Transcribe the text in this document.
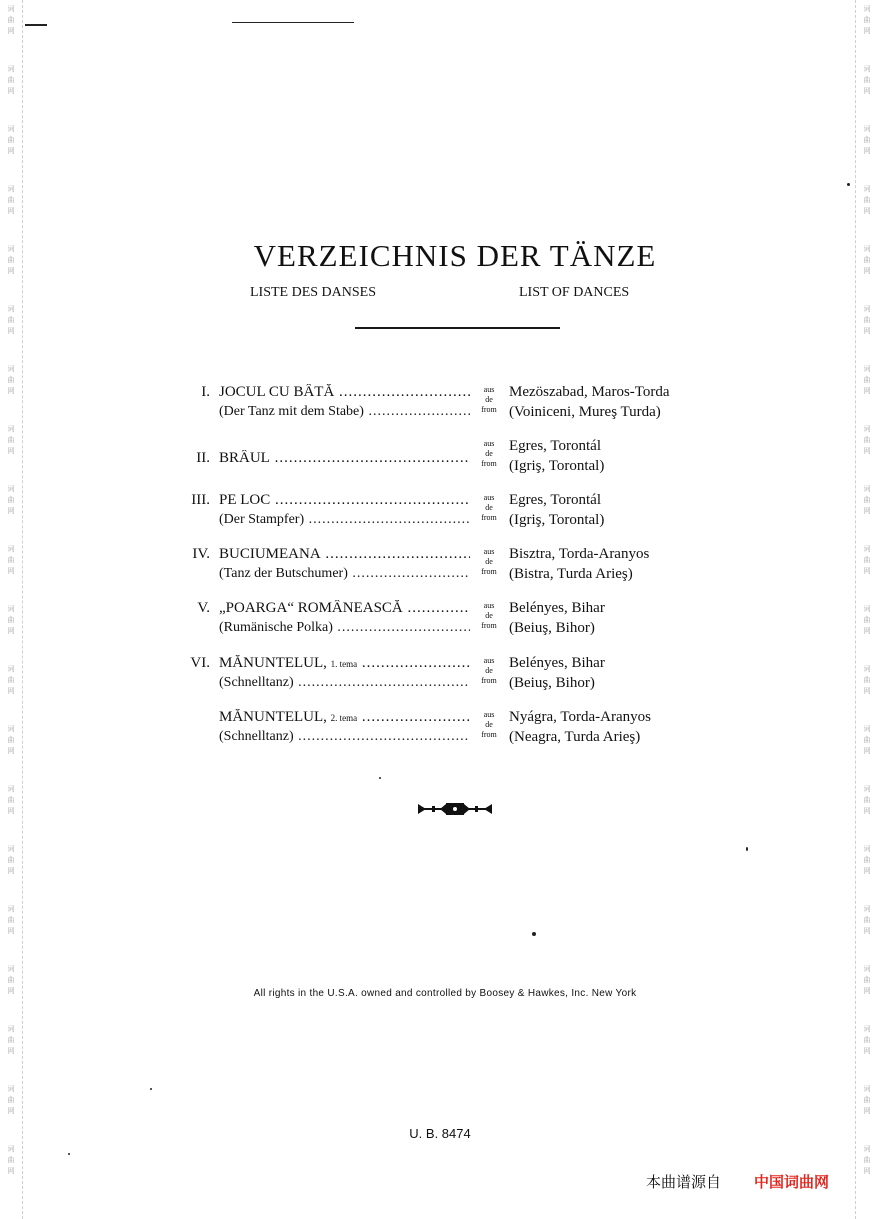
词
曲
网
词
曲
网
词
曲
网
词
曲
网
词
曲
网
词
曲
网
词
曲
网
词
曲
网
词
曲
网
词
曲
网
词
曲
网
词
曲
网
词
曲
网
词
曲
网
词
曲
网
词
曲
网
词
曲
网
词
曲
网
词
曲
网
词
曲
网
词
曲
网
词
曲
网
词
曲
网
词
曲
网
词
曲
网
词
曲
网
词
曲
网
词
曲
网
词
曲
网
词
曲
网
词
曲
网
词
曲
网
词
曲
网
词
曲
网
词
曲
网
词
曲
网
词
曲
网
词
曲
网
词
曲
网
词
曲
网
VERZEICHNIS DER TÄNZE
LISTE DES DANSES	LIST OF DANCES
I. JOCUL CU BÂTĂ .....
(Der Tanz mit dem Stabe) .....
aus
de
from
Mezöszabad, Maros-Torda
(Voiniceni, Mureş Turda)
II. BRÂUL .....
aus
de
from
Egres, Torontál
(Igriş, Torontal)
III. PE LOC .....
(Der Stampfer) .....
aus
de
from
Egres, Torontál
(Igriş, Torontal)
IV. BUCIUMEANA .....
(Tanz der Butschumer) .....
aus
de
from
Bisztra, Torda-Aranyos
(Bistra, Turda Arieş)
V. „POARGA“ ROMÂNEASCĂ .....
(Rumänische Polka) .....
aus
de
from
Belényes, Bihar
(Beiuş, Bihor)
VI. MĂNUNTELUL, 1. tema .....
(Schnelltanz) .....
aus
de
from
Belényes, Bihar
(Beiuş, Bihor)
MĂNUNTELUL, 2. tema .....
(Schnelltanz) .....
aus
de
from
Nyágra, Torda-Aranyos
(Neagra, Turda Arieş)
All rights in the U.S.A. owned and controlled by Boosey & Hawkes, Inc. New York
U. B. 8474
本曲谱源自 中国词曲网
